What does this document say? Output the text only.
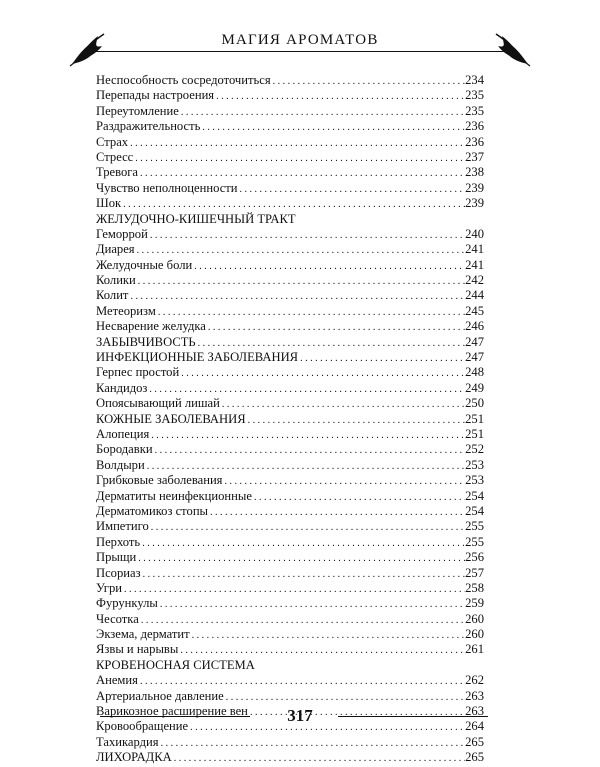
МАГИЯ АРОМАТОВ
Неспособность сосредоточиться . . .	234
Перепады настроения . . .	235
Переутомление . . .	235
Раздражительность . . .	236
Страх . . .	236
Стресс . . .	237
Тревога . . .	238
Чувство неполноценности . . .	239
Шок . . .	239
ЖЕЛУДОЧНО-КИШЕЧНЫЙ ТРАКТ
Геморрой . . .	240
Диарея . . .	241
Желудочные боли . . .	241
Колики . . .	242
Колит . . .	244
Метеоризм . . .	245
Несварение желудка . . .	246
ЗАБЫВЧИВОСТЬ . . .	247
ИНФЕКЦИОННЫЕ ЗАБОЛЕВАНИЯ . . .	247
Герпес простой . . .	248
Кандидоз . . .	249
Опоясывающий лишай . . .	250
КОЖНЫЕ ЗАБОЛЕВАНИЯ . . .	251
Алопеция . . .	251
Бородавки . . .	252
Волдыри . . .	253
Грибковые заболевания . . .	253
Дерматиты неинфекционные . . .	254
Дерматомикоз стопы . . .	254
Импетиго . . .	255
Перхоть . . .	255
Прыщи . . .	256
Псориаз . . .	257
Угри . . .	258
Фурункулы . . .	259
Чесотка . . .	260
Экзема, дерматит . . .	260
Язвы и нарывы . . .	261
КРОВЕНОСНАЯ СИСТЕМА
Анемия . . .	262
Артериальное давление . . .	263
Варикозное расширение вен . . .	263
Кровообращение . . .	264
Тахикардия . . .	265
ЛИХОРАДКА . . .	265
317
